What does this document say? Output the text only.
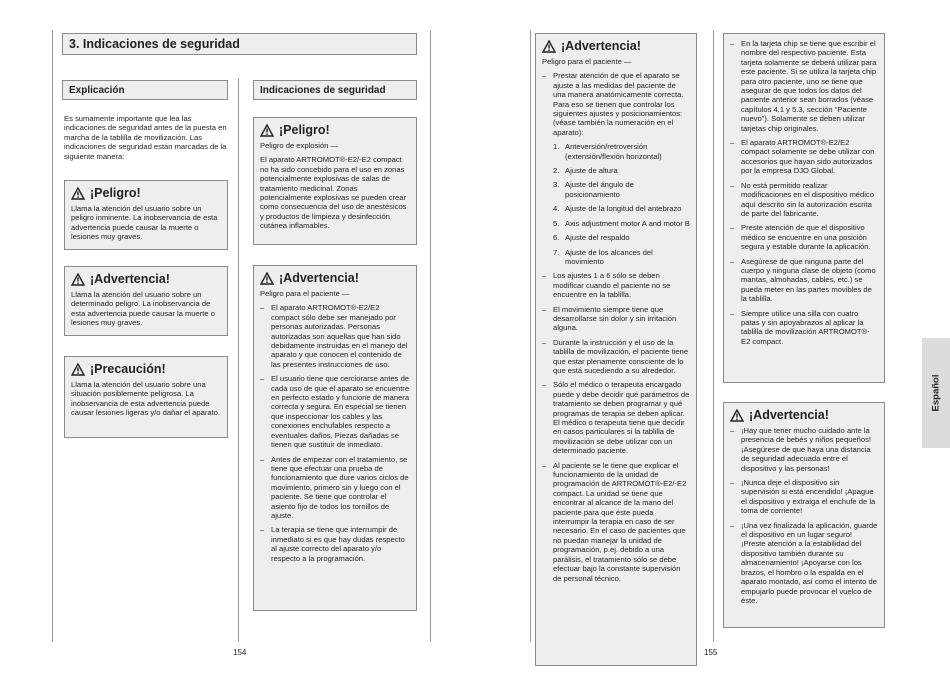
3. Indicaciones de seguridad
Explicación
Es sumamente importante que lea las indicaciones de seguridad antes de la puesta en marcha de la tablilla de movilización. Las indicaciones de seguridad están marcadas de la siguiente manera:
¡Peligro!
Llama la atención del usuario sobre un peligro inminente. La inobservancia de esta advertencia puede causar la muerte o lesiones muy graves.
¡Advertencia!
Llama la atención del usuario sobre un determinado peligro. La inobservancia de esta advertencia puede causar la muerte o lesiones muy graves.
¡Precaución!
Llama la atención del usuario sobre una situación posiblemente peligrosa. La inobservancia de esta advertencia puede causar lesiones ligeras y/o dañar el aparato.
Indicaciones de seguridad
¡Peligro!
Peligro de explosión —
El aparato ARTROMOT®-E2/-E2 compact no ha sido concebido para el uso en zonas potencialmente explosivas de salas de tratamiento medicinal. Zonas potencialmente explosivas se pueden crear como consecuencia del uso de anestésicos y productos de limpieza y desinfección cutánea inflamables.
¡Advertencia!
Peligro para el paciente —
– El aparato ARTROMOT®-E2/E2 compact sólo debe ser manejado por personas autorizadas. Personas autorizadas son aquellas que han sido debidamente instruidas en el manejo del aparato y que conocen el contenido de las presentes instrucciones de uso.
– El usuario tiene que cerciorarse antes de cada uso de que el aparato se encuentre en perfecto estado y funcione de manera correcta y segura. En especial se tienen que inspeccionar los cables y las conexiones enchufables respecto a eventuales daños. Piezas dañadas se tienen que sustituir de inmediato.
– Antes de empezar con el tratamiento, se tiene que efectuar una prueba de funcionamiento que dure varios ciclos de movimiento, primero sin y luego con el paciente. Se tiene que controlar el asiento fijo de todos los tornillos de ajuste.
– La terapia se tiene que interrumpir de inmediato si es que hay dudas respecto al ajuste correcto del aparato y/o respecto a la programación.
154
¡Advertencia!
Peligro para el paciente —
– Prestar atención de que el aparato se ajuste a las medidas del paciente de una manera anatómicamente correcta. Para eso se tienen que controlar los siguientes ajustes y posicionamientos: (véase también la numeración en el aparato):
1. Anteversión/retroversión (extensión/flexión horizontal)
2. Ajuste de altura
3. Ajuste del ángulo de posicionamiento
4. Ajuste de la longitud del antebrazo
5. Axis adjustment motor A and motor B
6. Ajuste del respaldo
7. Ajuste de los alcances del movimiento
– Los ajustes 1 a 6 sólo se deben modificar cuando el paciente no se encuentre en la tablilla.
– El movimiento siempre tiene que desarrollarse sin dolor y sin irritación alguna.
– Durante la instrucción y el uso de la tablilla de movilización, el paciente tiene que estar plenamente consciente de lo que está sucediendo a su alrededor.
– Sólo el médico o terapeuta encargado puede y debe decidir qué parámetros de tratamiento se deben programar y qué programas de terapia se deben aplicar. El médico o terapeuta tiene que decidir en casos particulares si la tablilla de movilización se debe utilizar con un determinado paciente.
– Al paciente se le tiene que explicar el funcionamiento de la unidad de programación de ARTROMOT®-E2/-E2 compact. La unidad se tiene que encontrar al alcance de la mano del paciente para que éste pueda interrumpir la terapia en caso de ser necesario. En el caso de pacientes que no puedan manejar la unidad de programación, p.ej. debido a una parálisis, el tratamiento sólo se debe efectuar bajo la constante supervisión de personal técnico.
– En la tarjeta chip se tiene que escribir el nombre del respectivo paciente. Esta tarjeta solamente se deberá utilizar para este paciente. Si se utiliza la tarjeta chip para otro paciente, uno se tiene que asegurar de que todos los datos del paciente anterior sean borrados (véase capítulos 4.1 y 5.3, sección "Paciente nuevo"). Solamente se deben utilizar tarjetas chip originales.
– El aparato ARTROMOT®-E2/E2 compact solamente se debe utilizar con accesorios que hayan sido autorizados por la empresa DJO Global.
– No está permitido realizar modificaciones en el dispositivo médico aquí descrito sin la autorización escrita de parte del fabricante.
– Preste atención de que el dispositivo médico se encuentre en una posición segura y estable durante la aplicación.
– Asegúrese de que ninguna parte del cuerpo y ninguna clase de objeto (como mantas, almohadas, cables, etc.) se pueda meter en las partes movibles de la tablilla.
– Siempre utilice una silla con cuatro patas y sin apoyabrazos al aplicar la tablilla de movilización ARTROMOT®-E2 compact.
¡Advertencia!
– ¡Hay que tener mucho cuidado ante la presencia de bebés y niños pequeños! ¡Asegúrese de que haya una distancia de seguridad adecuada entre el dispositivo y las personas!
– ¡Nunca deje el dispositivo sin supervisión si está encendido! ¡Apague el dispositivo y extraiga el enchufe de la toma de corriente!
– ¡Una vez finalizada la aplicación, guarde el dispositivo en un lugar seguro! ¡Preste atención a la estabilidad del dispositivo también durante su almacenamiento! ¡Apoyarse con los brazos, el hombro o la espalda en el aparato montado, así como el intento de empujarlo puede provocar el vuelco de éste.
155
Español
